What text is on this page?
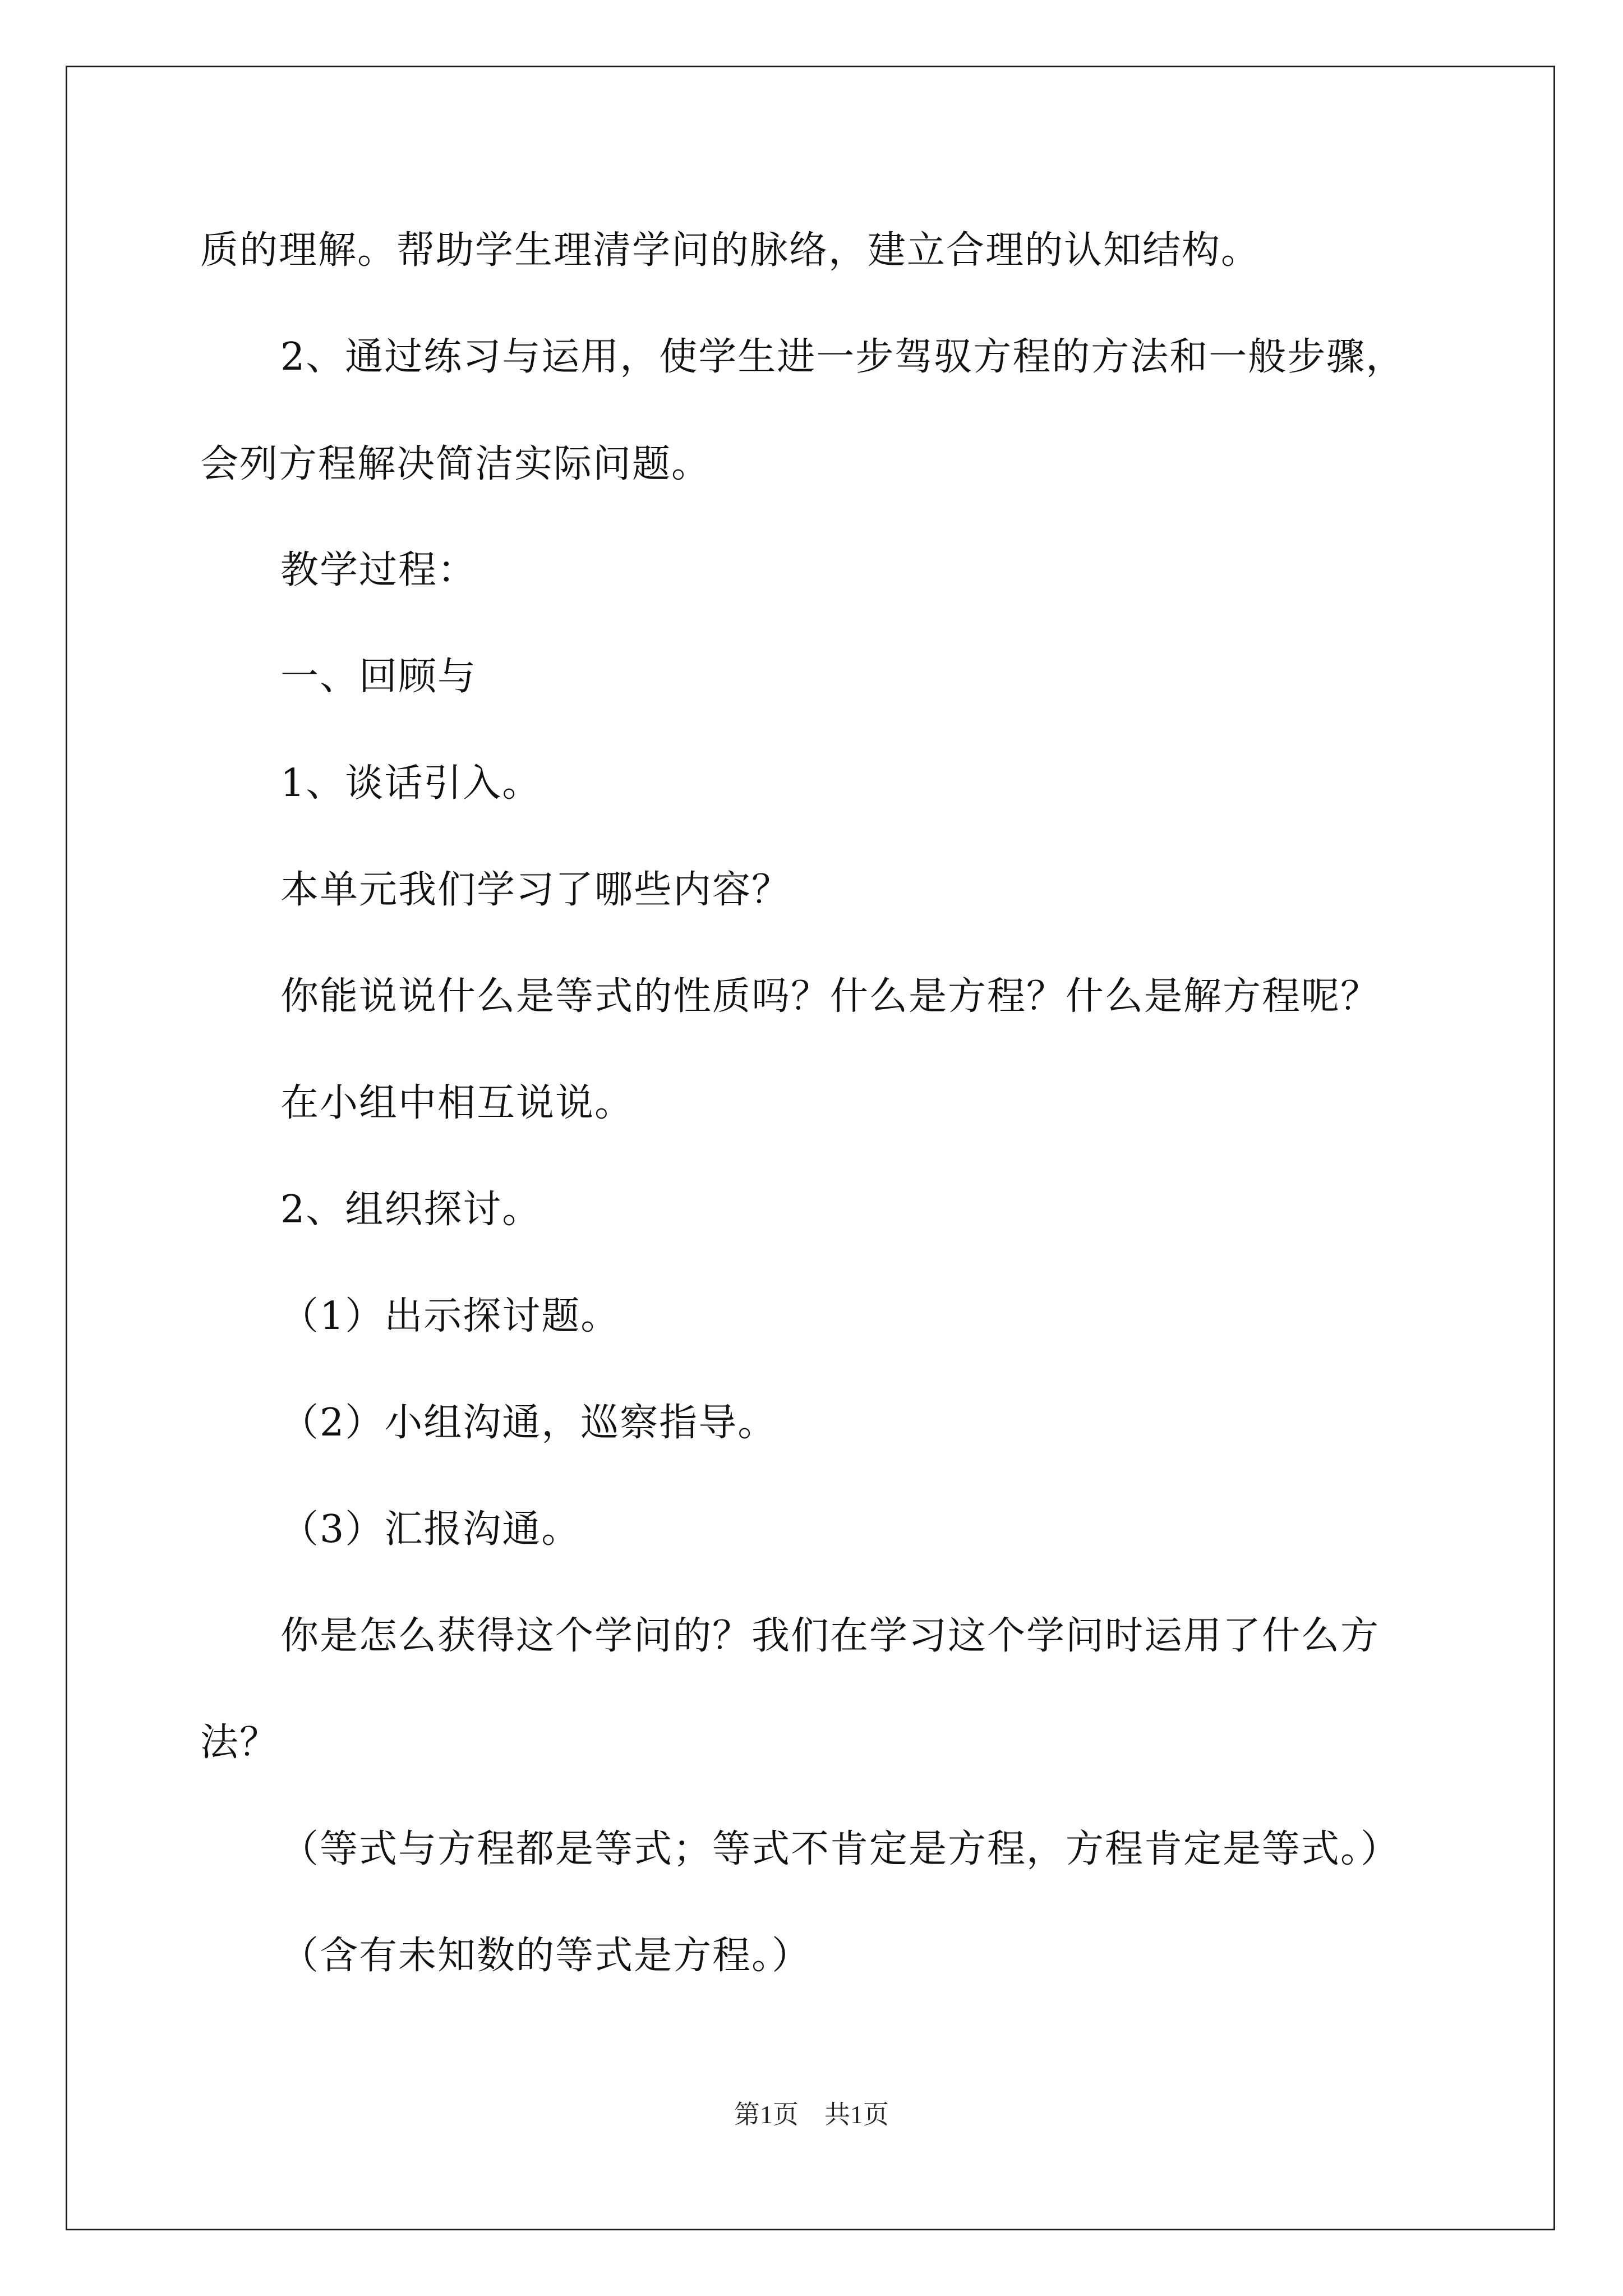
质的理解。帮助学生理清学问的脉络，建立合理的认知结构。
2、通过练习与运用，使学生进一步驾驭方程的方法和一般步骤，
会列方程解决简洁实际问题。
教学过程：
一、回顾与
1、谈话引入。
本单元我们学习了哪些内容？
你能说说什么是等式的性质吗？什么是方程？什么是解方程呢？
在小组中相互说说。
2、组织探讨。
（1）出示探讨题。
（2）小组沟通，巡察指导。
（3）汇报沟通。
你是怎么获得这个学问的？我们在学习这个学问时运用了什么方
法？
（等式与方程都是等式；等式不肯定是方程，方程肯定是等式。）
（含有未知数的等式是方程。）
第1页 共1页
